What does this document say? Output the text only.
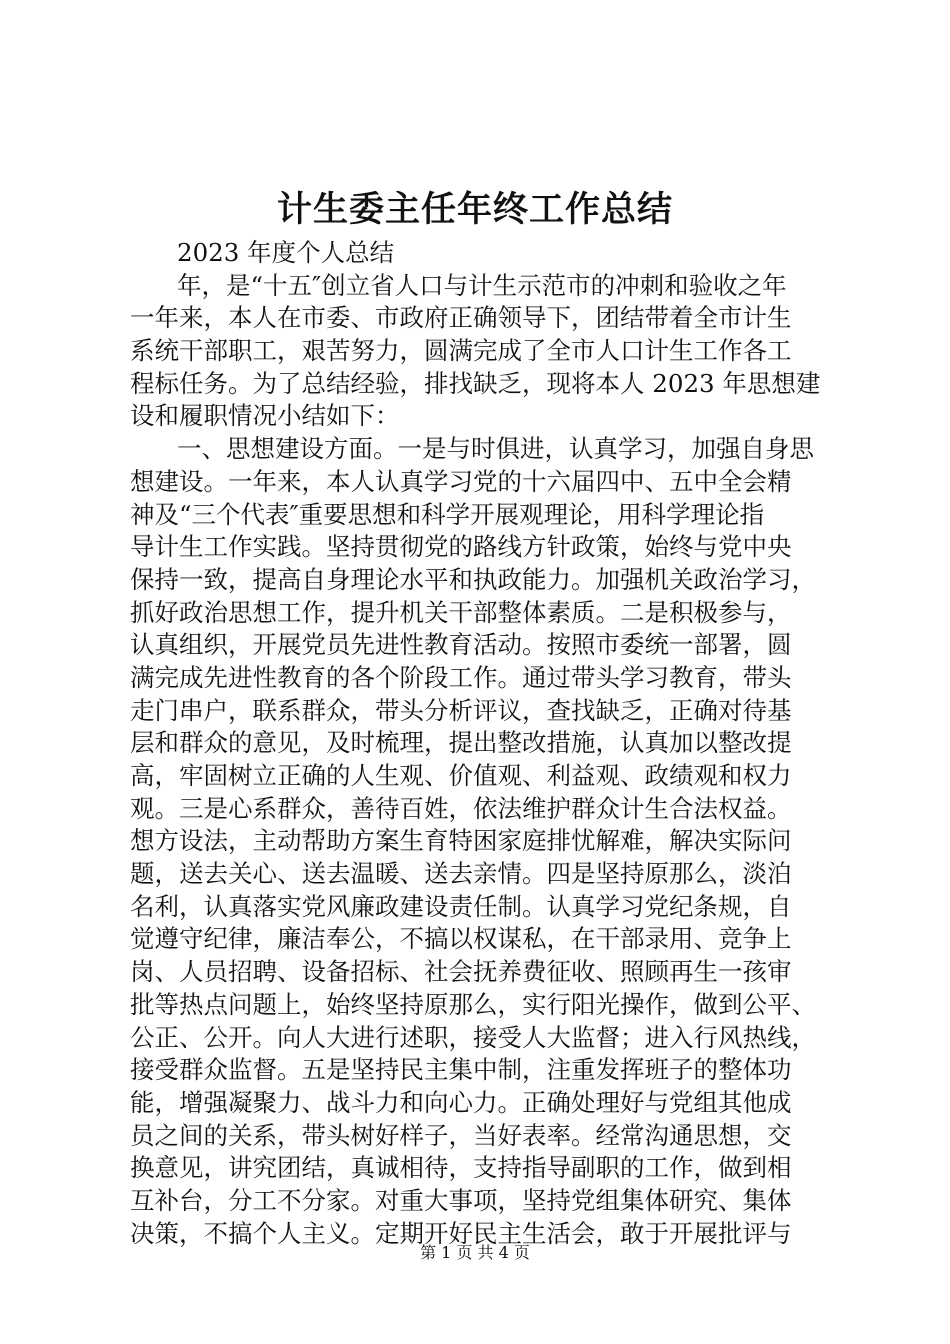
计生委主任年终工作总结
2023 年度个人总结
年，是“十五″创立省人口与计生示范市的冲刺和验收之年
一年来，本人在市委、市政府正确领导下，团结带着全市计生
系统干部职工，艰苦努力，圆满完成了全市人口计生工作各工
程标任务。为了总结经验，排找缺乏，现将本人 2023 年思想建
设和履职情况小结如下：
一、思想建设方面。一是与时俱进，认真学习，加强自身思
想建设。一年来，本人认真学习党的十六届四中、五中全会精
神及“三个代表″重要思想和科学开展观理论，用科学理论指
导计生工作实践。坚持贯彻党的路线方针政策，始终与党中央
保持一致，提高自身理论水平和执政能力。加强机关政治学习，
抓好政治思想工作，提升机关干部整体素质。二是积极参与，
认真组织，开展党员先进性教育活动。按照市委统一部署，圆
满完成先进性教育的各个阶段工作。通过带头学习教育，带头
走门串户，联系群众，带头分析评议，查找缺乏，正确对待基
层和群众的意见，及时梳理，提出整改措施，认真加以整改提
高，牢固树立正确的人生观、价值观、利益观、政绩观和权力
观。三是心系群众，善待百姓，依法维护群众计生合法权益。
想方设法，主动帮助方案生育特困家庭排忧解难，解决实际问
题，送去关心、送去温暖、送去亲情。四是坚持原那么，淡泊
名利，认真落实党风廉政建设责任制。认真学习党纪条规，自
觉遵守纪律，廉洁奉公，不搞以权谋私，在干部录用、竞争上
岗、人员招聘、设备招标、社会抚养费征收、照顾再生一孩审
批等热点问题上，始终坚持原那么，实行阳光操作，做到公平、
公正、公开。向人大进行述职，接受人大监督；进入行风热线，
接受群众监督。五是坚持民主集中制，注重发挥班子的整体功
能，增强凝聚力、战斗力和向心力。正确处理好与党组其他成
员之间的关系，带头树好样子，当好表率。经常沟通思想，交
换意见，讲究团结，真诚相待，支持指导副职的工作，做到相
互补台，分工不分家。对重大事项，坚持党组集体研究、集体
决策，不搞个人主义。定期开好民主生活会，敢于开展批评与
第 1 页 共 4 页
